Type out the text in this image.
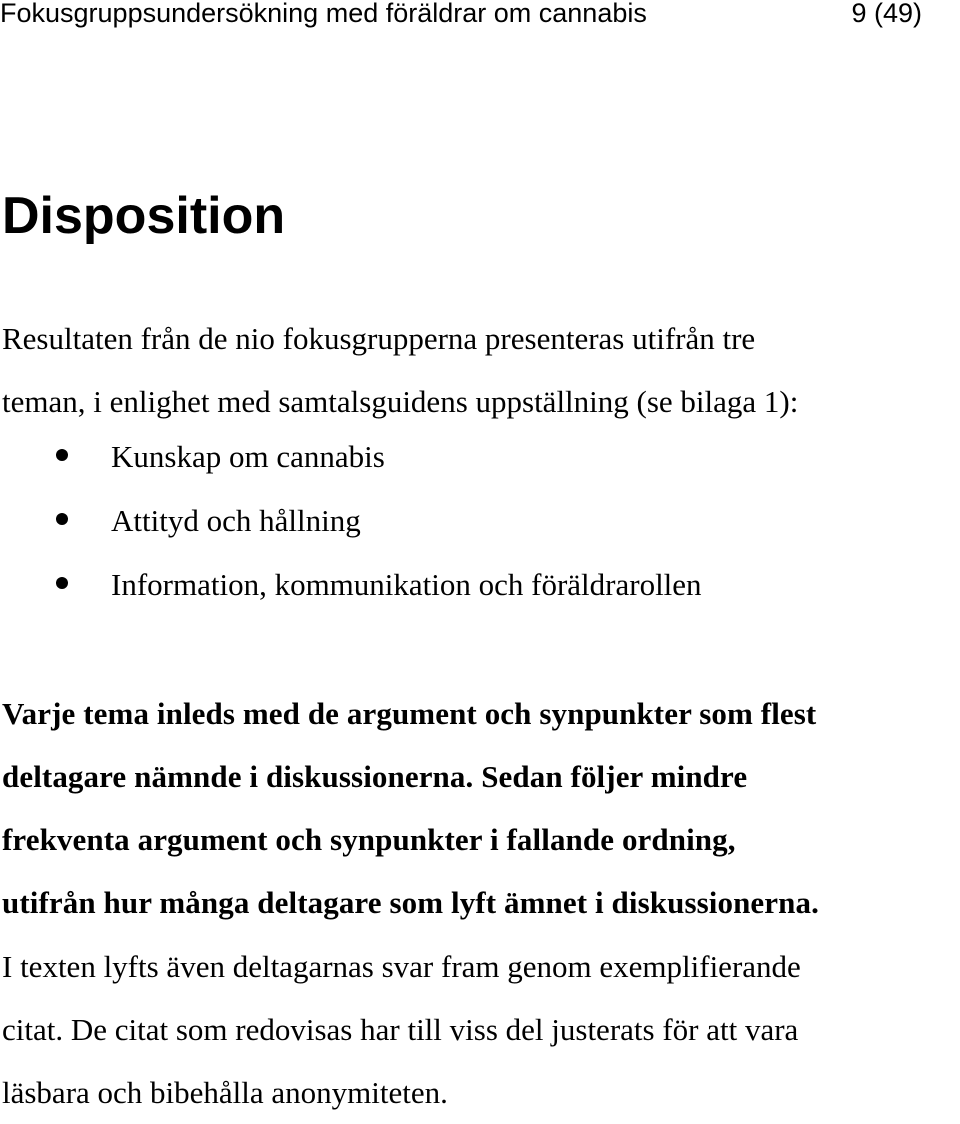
Fokusgruppsundersökning med föräldrar om cannabis	9 (49)
Disposition

Resultaten från de nio fokusgrupperna presenteras utifrån tre
teman, i enlighet med samtalsguidens uppställning (se bilaga 1):

Kunskap om cannabis
Attityd och hållning
Information, kommunikation och föräldrarollen

Varje tema inleds med de argument och synpunkter som flest
deltagare nämnde i diskussionerna. Sedan följer mindre
frekventa argument och synpunkter i fallande ordning,
utifrån hur många deltagare som lyft ämnet i diskussionerna.

I texten lyfts även deltagarnas svar fram genom exemplifierande
citat. De citat som redovisas har till viss del justerats för att vara
läsbara och bibehålla anonymiteten.
